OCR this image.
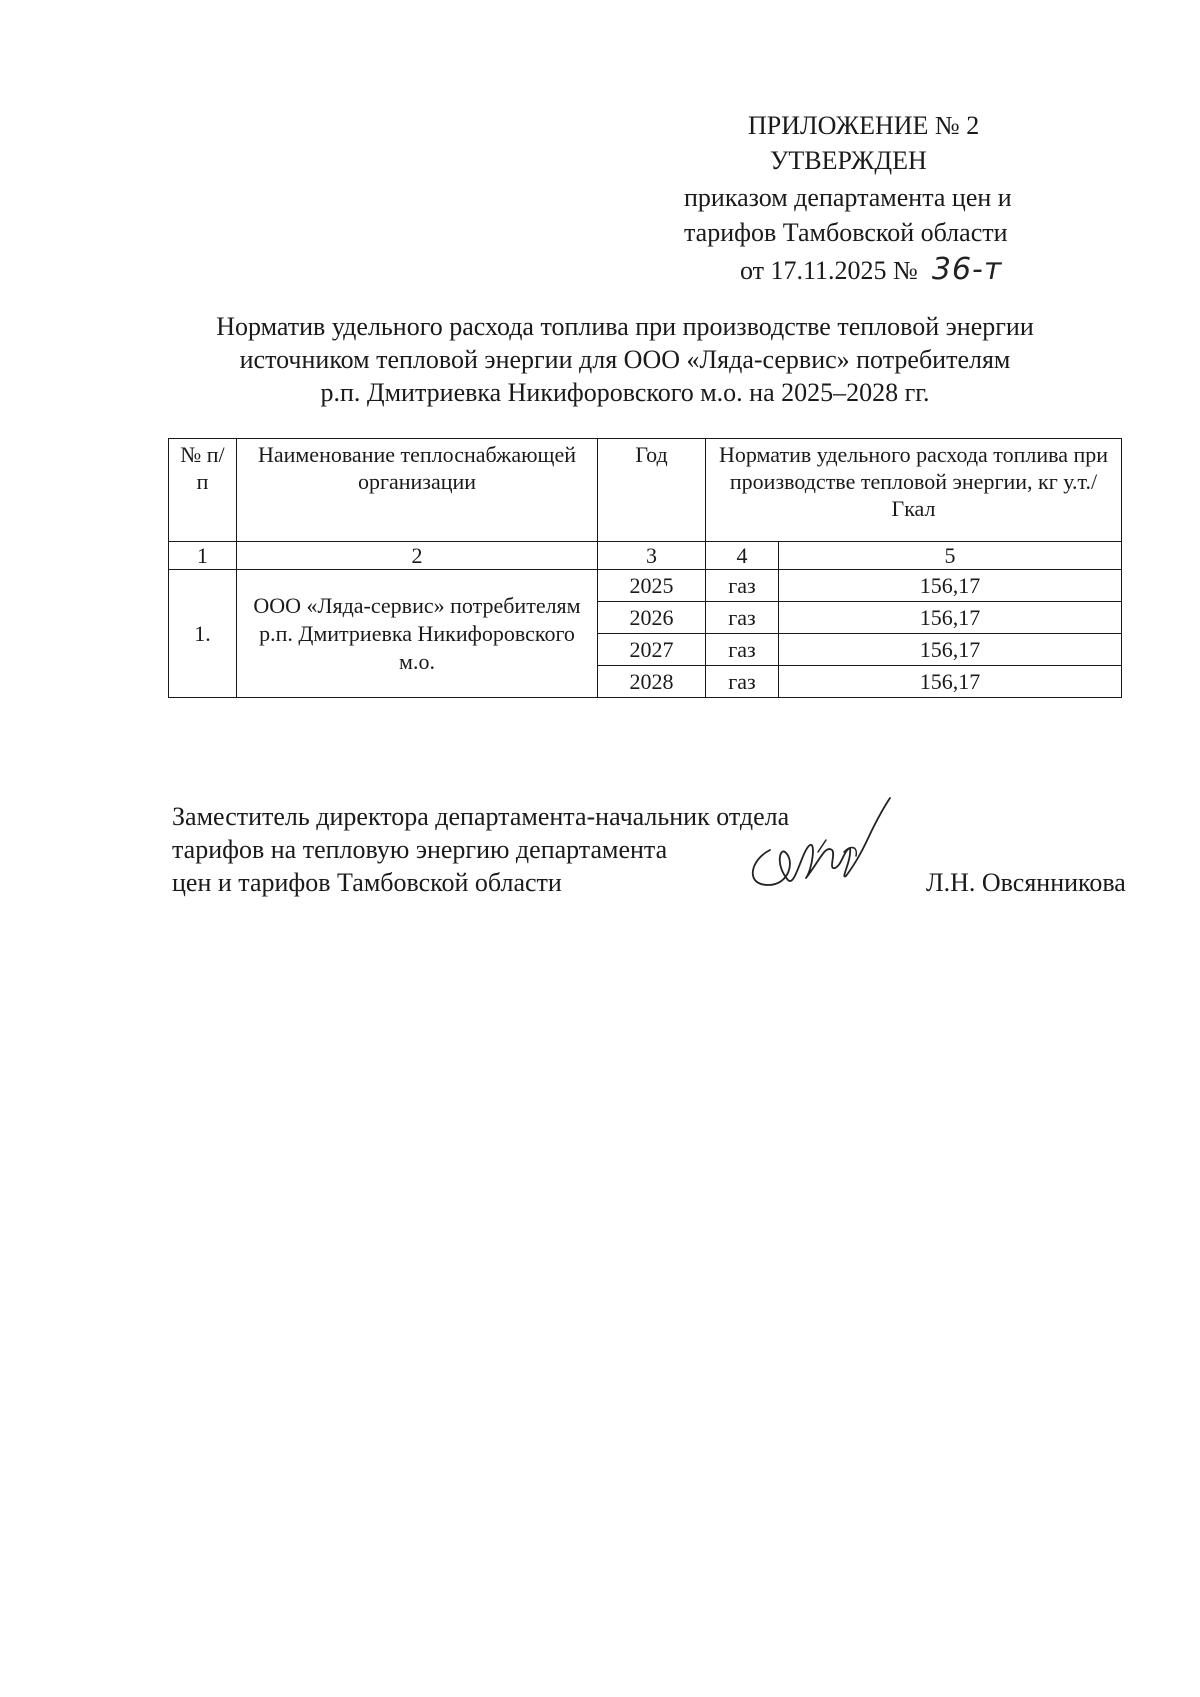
ПРИЛОЖЕНИЕ № 2
УТВЕРЖДЕН
приказом департамента цен и
тарифов Тамбовской области
от 17.11.2025 № 36-т
Норматив удельного расхода топлива при производстве тепловой энергии
источником тепловой энергии для ООО «Ляда-сервис» потребителям
р.п. Дмитриевка Никифоровского м.о. на 2025–2028 гг.
№ п/п	Наименование теплоснабжающей организации	Год	Норматив удельного расхода топлива при производстве тепловой энергии, кг у.т./Гкал	
1	2	3	4	5
1.	ООО «Ляда-сервис» потребителям р.п. Дмитриевка Никифоровского м.о.	2025	газ	156,17
		2026	газ	156,17
		2027	газ	156,17
		2028	газ	156,17
Заместитель директора департамента-начальник отдела
тарифов на тепловую энергию департамента
цен и тарифов Тамбовской области	Л.Н. Овсянникова
